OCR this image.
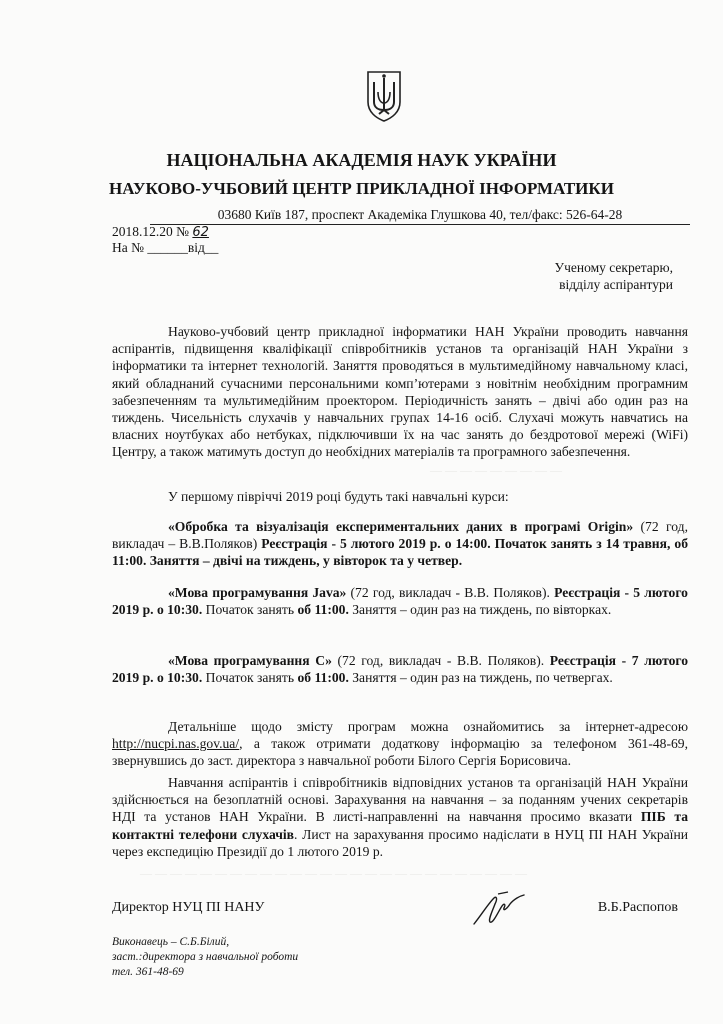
НАЦІОНАЛЬНА АКАДЕМІЯ НАУК УКРАЇНИ
НАУКОВО-УЧБОВИЙ ЦЕНТР ПРИКЛАДНОЇ ІНФОРМАТИКИ
03680 Київ 187, проспект Академіка Глушкова 40, тел/факс: 526-64-28
2018.12.20 № 62
На № ______від__
Ученому секретарю,
відділу аспірантури
Науково-учбовий центр прикладної інформатики НАН України проводить навчання аспірантів, підвищення кваліфікації співробітників установ та організацій НАН України з інформатики та інтернет технологій. Заняття проводяться в мультимедійному навчальному класі, який обладнаний сучасними персональними комп’ютерами з новітнім необхідним програмним забезпеченням та мультимедійним проектором. Періодичність занять – двічі або один раз на тиждень. Чисельність слухачів у навчальних групах 14-16 осіб. Слухачі можуть навчатись на власних ноутбуках або нетбуках, підключивши їх на час занять до бездротової мережі (WiFi) Центру, а також матимуть доступ до необхідних матеріалів та програмного забезпечення.
У першому півріччі 2019 році будуть такі навчальні курси:
«Обробка та візуалізація експериментальних даних в програмі Origin» (72 год, викладач – В.В.Поляков) Реєстрація - 5 лютого 2019 р. о 14:00. Початок занять з 14 травня, об 11:00. Заняття – двічі на тиждень, у вівторок та у четвер.
«Мова програмування Java» (72 год, викладач - В.В. Поляков). Реєстрація - 5 лютого 2019 р. о 10:30. Початок занять об 11:00. Заняття – один раз на тиждень, по вівторках.
«Мова програмування С» (72 год, викладач - В.В. Поляков). Реєстрація - 7 лютого 2019 р. о 10:30. Початок занять об 11:00. Заняття – один раз на тиждень, по четвергах.
Детальніше щодо змісту програм можна ознайомитись за інтернет-адресою http://nucpi.nas.gov.ua/, а також отримати додаткову інформацію за телефоном 361-48-69, звернувшись до заст. директора з навчальної роботи Білого Сергія Борисовича.
Навчання аспірантів і співробітників відповідних установ та організацій НАН України здійснюється на безоплатній основі. Зарахування на навчання – за поданням учених секретарів НДІ та установ НАН України. В листі-направленні на навчання просимо вказати ПІБ та контактні телефони слухачів. Лист на зарахування просимо надіслати в НУЦ ПІ НАН України через експедицію Президії до 1 лютого 2019 р.
— — — — — — — — —
— — — — — — — — — — — — — — — — — — — — — — — — — —
Директор НУЦ ПІ НАНУ	В.Б.Распопов
Виконавець – С.Б.Білий,
заст.:директора з навчальної роботи
тел. 361-48-69
